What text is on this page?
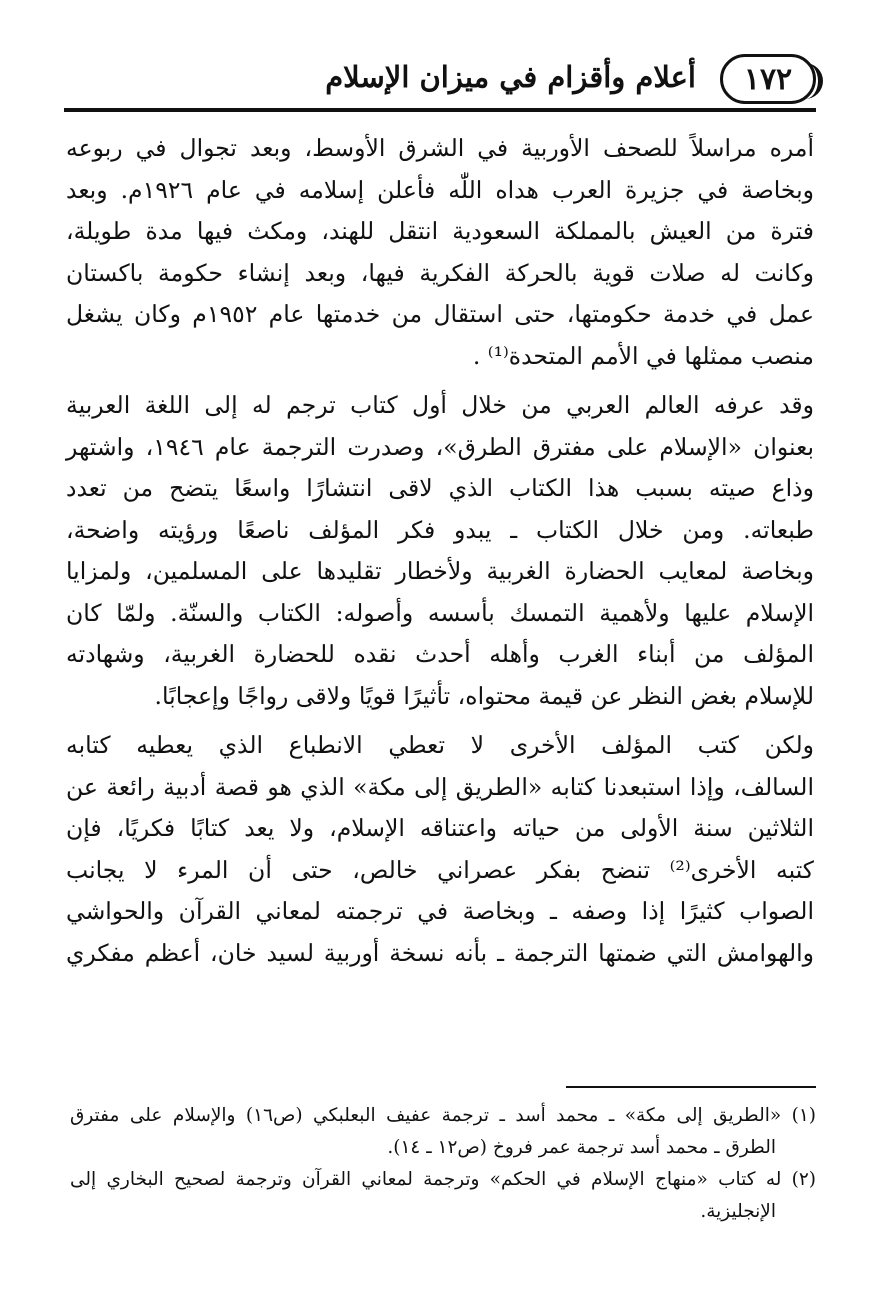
١٧٢
أعلام وأقزام في ميزان الإسلام

أمره مراسلاً للصحف الأوربية في الشرق الأوسط، وبعد تجوال في ربوعه
وبخاصة في جزيرة العرب هداه اللّٰه فأعلن إسلامه في عام ١٩٢٦م. وبعد
فترة من العيش بالمملكة السعودية انتقل للهند، ومكث فيها مدة طويلة،
وكانت له صلات قوية بالحركة الفكرية فيها، وبعد إنشاء حكومة باكستان
عمل في خدمة حكومتها، حتى استقال من خدمتها عام ١٩٥٢م وكان يشغل
منصب ممثلها في الأمم المتحدة⁽¹⁾ .

وقد عرفه العالم العربي من خلال أول كتاب ترجم له إلى اللغة العربية
بعنوان «الإسلام على مفترق الطرق»، وصدرت الترجمة عام ١٩٤٦، واشتهر
وذاع صيته بسبب هذا الكتاب الذي لاقى انتشارًا واسعًا يتضح من تعدد
طبعاته. ومن خلال الكتاب ـ يبدو فكر المؤلف ناصعًا ورؤيته واضحة،
وبخاصة لمعايب الحضارة الغربية ولأخطار تقليدها على المسلمين، ولمزايا
الإسلام عليها ولأهمية التمسك بأسسه وأصوله: الكتاب والسنّة. ولمّا كان
المؤلف من أبناء الغرب وأهله أحدث نقده للحضارة الغربية، وشهادته
للإسلام بغض النظر عن قيمة محتواه، تأثيرًا قويًا ولاقى رواجًا وإعجابًا.

ولكن كتب المؤلف الأخرى لا تعطي الانطباع الذي يعطيه كتابه
السالف، وإذا استبعدنا كتابه «الطريق إلى مكة» الذي هو قصة أدبية رائعة عن
الثلاثين سنة الأولى من حياته واعتناقه الإسلام، ولا يعد كتابًا فكريًا، فإن
كتبه الأخرى⁽²⁾ تنضح بفكر عصراني خالص، حتى أن المرء لا يجانب
الصواب كثيرًا إذا وصفه ـ وبخاصة في ترجمته لمعاني القرآن والحواشي
والهوامش التي ضمتها الترجمة ـ بأنه نسخة أوربية لسيد خان، أعظم مفكري

(١) «الطريق إلى مكة» ـ محمد أسد ـ ترجمة عفيف البعلبكي (ص١٦) والإسلام على مفترق
الطرق ـ محمد أسد ترجمة عمر فروخ (ص١٢ ـ ١٤).
(٢) له كتاب «منهاج الإسلام في الحكم» وترجمة لمعاني القرآن وترجمة لصحيح البخاري إلى
الإنجليزية.
